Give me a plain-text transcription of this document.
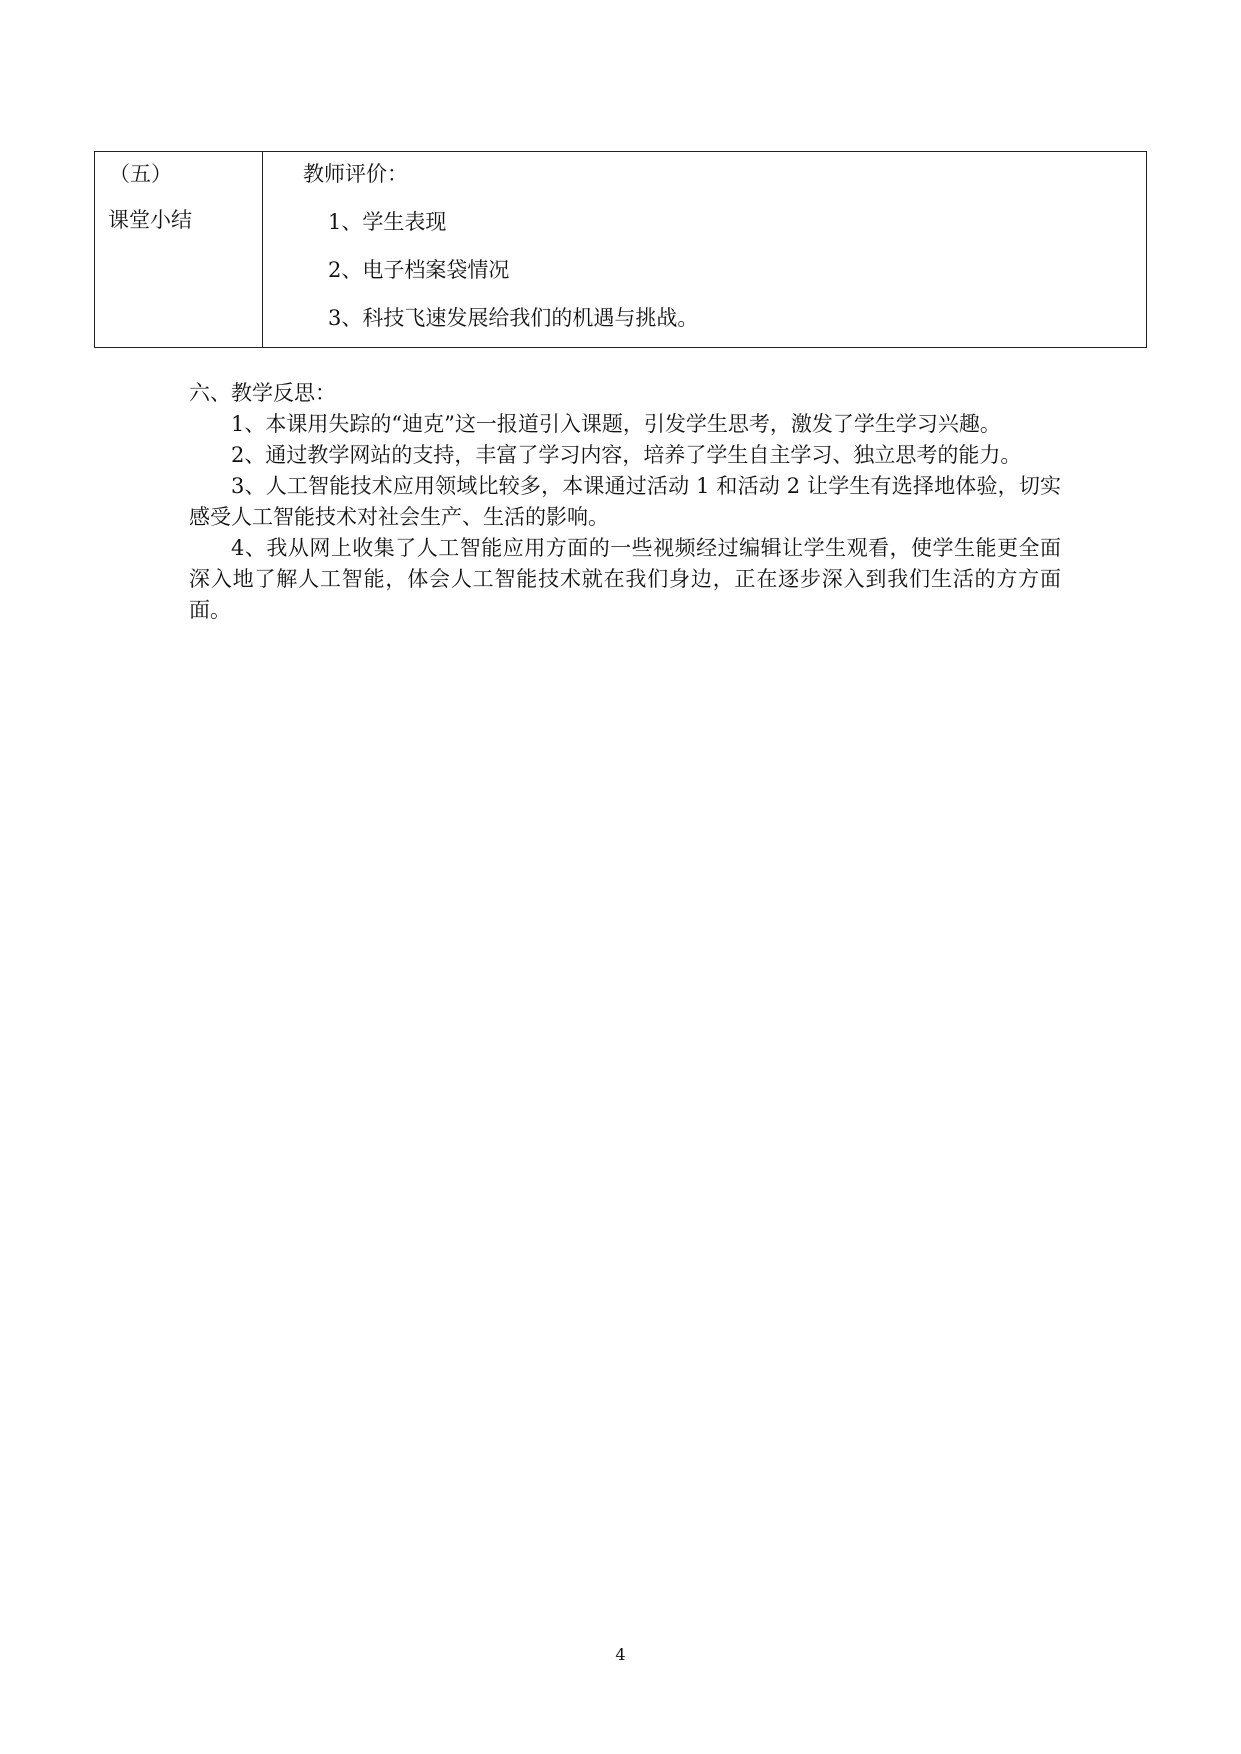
（五）
课堂小结
教师评价：
1、学生表现
2、电子档案袋情况
3、科技飞速发展给我们的机遇与挑战。
六、教学反思：

1、本课用失踪的“迪克”这一报道引入课题，引发学生思考，激发了学生学习兴趣。

2、通过教学网站的支持，丰富了学习内容，培养了学生自主学习、独立思考的能力。

3、人工智能技术应用领域比较多，本课通过活动 1 和活动 2 让学生有选择地体验，切实感受人工智能技术对社会生产、生活的影响。

4、我从网上收集了人工智能应用方面的一些视频经过编辑让学生观看，使学生能更全面深入地了解人工智能，体会人工智能技术就在我们身边，正在逐步深入到我们生活的方方面面。

4
